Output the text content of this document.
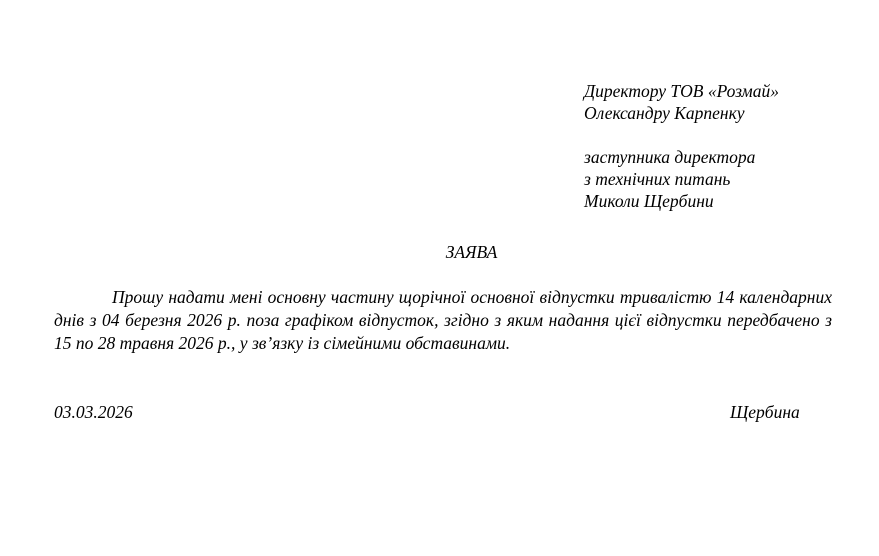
Директору ТОВ «Розмай»
Олександру Карпенку
заступника директора
з технічних питань
Миколи Щербини
ЗАЯВА
Прошу надати мені основну частину щорічної основної відпустки тривалістю 14 календарних днів з 04 березня 2026 р. поза графіком відпусток, згідно з яким надання цієї відпустки передбачено з 15 по 28 травня 2026 р., у зв’язку із сімейними обставинами.
03.03.2026	Щербина
